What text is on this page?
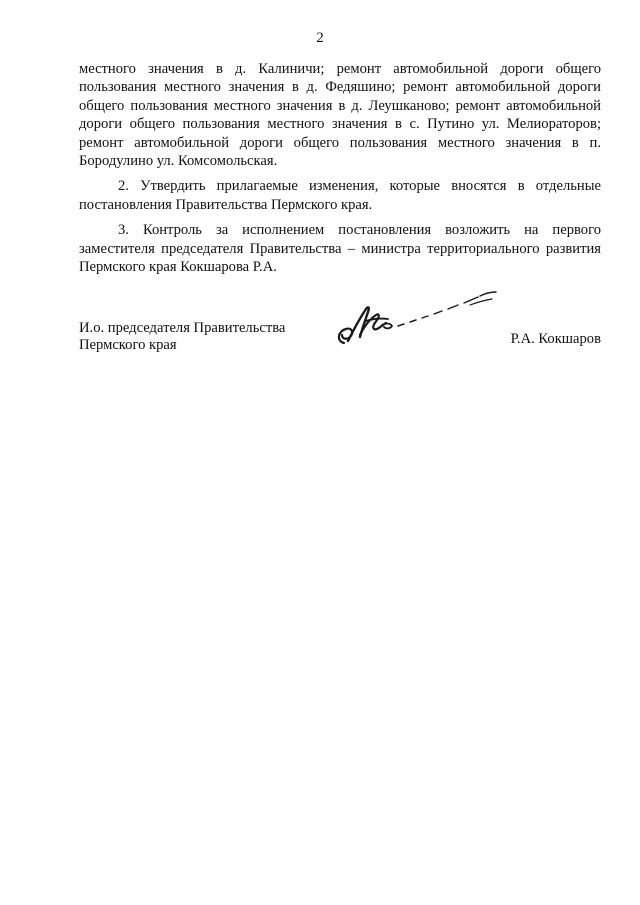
2

местного значения в д. Калиничи; ремонт автомобильной дороги общего пользования местного значения в д. Федяшино; ремонт автомобильной дороги общего пользования местного значения в д. Леушканово; ремонт автомобильной дороги общего пользования местного значения в с. Путино ул. Мелиораторов; ремонт автомобильной дороги общего пользования местного значения в п. Бородулино ул. Комсомольская.

2. Утвердить прилагаемые изменения, которые вносятся в отдельные постановления Правительства Пермского края.

3. Контроль за исполнением постановления возложить на первого заместителя председателя Правительства – министра территориального развития Пермского края Кокшарова Р.А.

И.о. председателя Правительства
Пермского края	Р.А. Кокшаров
